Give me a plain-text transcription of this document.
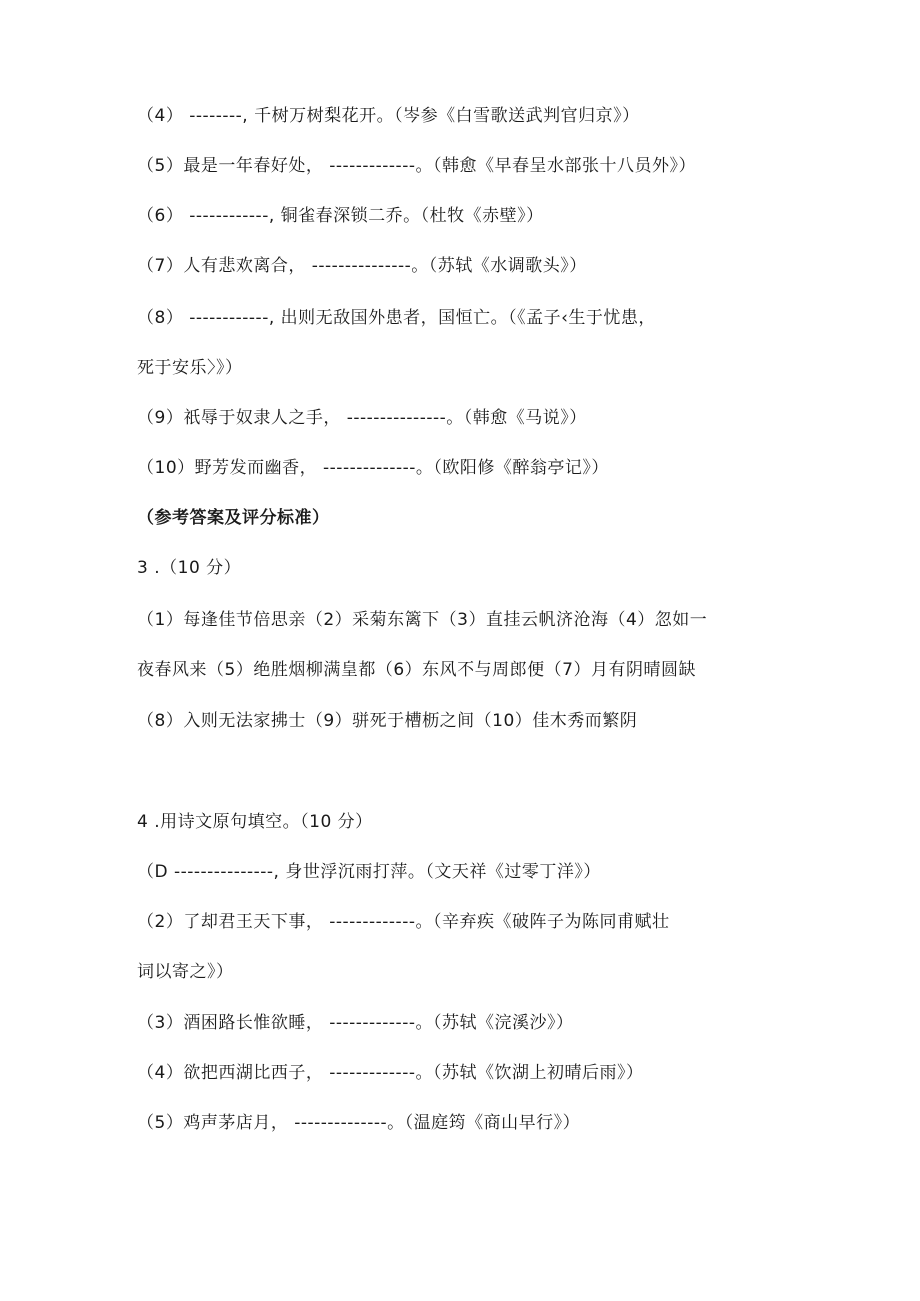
（4） --------, 千树万树梨花开。（岑参《白雪歌送武判官归京》）
（5）最是一年春好处， -------------。（韩愈《早春呈水部张十八员外》）
（6） ------------, 铜雀春深锁二乔。（杜牧《赤壁》）
（7）人有悲欢离合， ---------------。（苏轼《水调歌头》）
（8） ------------, 出则无敌国外患者，国恒亡。（《孟子‹生于忧患，
死于安乐〉》）
（9）祇辱于奴隶人之手， ---------------。（韩愈《马说》）
（10）野芳发而幽香， --------------。（欧阳修《醉翁亭记》）
（参考答案及评分标准）
3 .（10 分）
（1）每逢佳节倍思亲（2）采菊东篱下（3）直挂云帆济沧海（4）忽如一
夜春风来（5）绝胜烟柳满皇都（6）东风不与周郎便（7）月有阴晴圆缺
（8）入则无法家拂士（9）骈死于槽枥之间（10）佳木秀而繁阴
4 .用诗文原句填空。（10 分）
（D ---------------, 身世浮沉雨打萍。（文天祥《过零丁洋》）
（2）了却君王天下事， -------------。（辛弃疾《破阵子为陈同甫赋壮
词以寄之》）
（3）酒困路长惟欲睡， -------------。（苏轼《浣溪沙》）
（4）欲把西湖比西子， -------------。（苏轼《饮湖上初晴后雨》）
（5）鸡声茅店月， --------------。（温庭筠《商山早行》）
